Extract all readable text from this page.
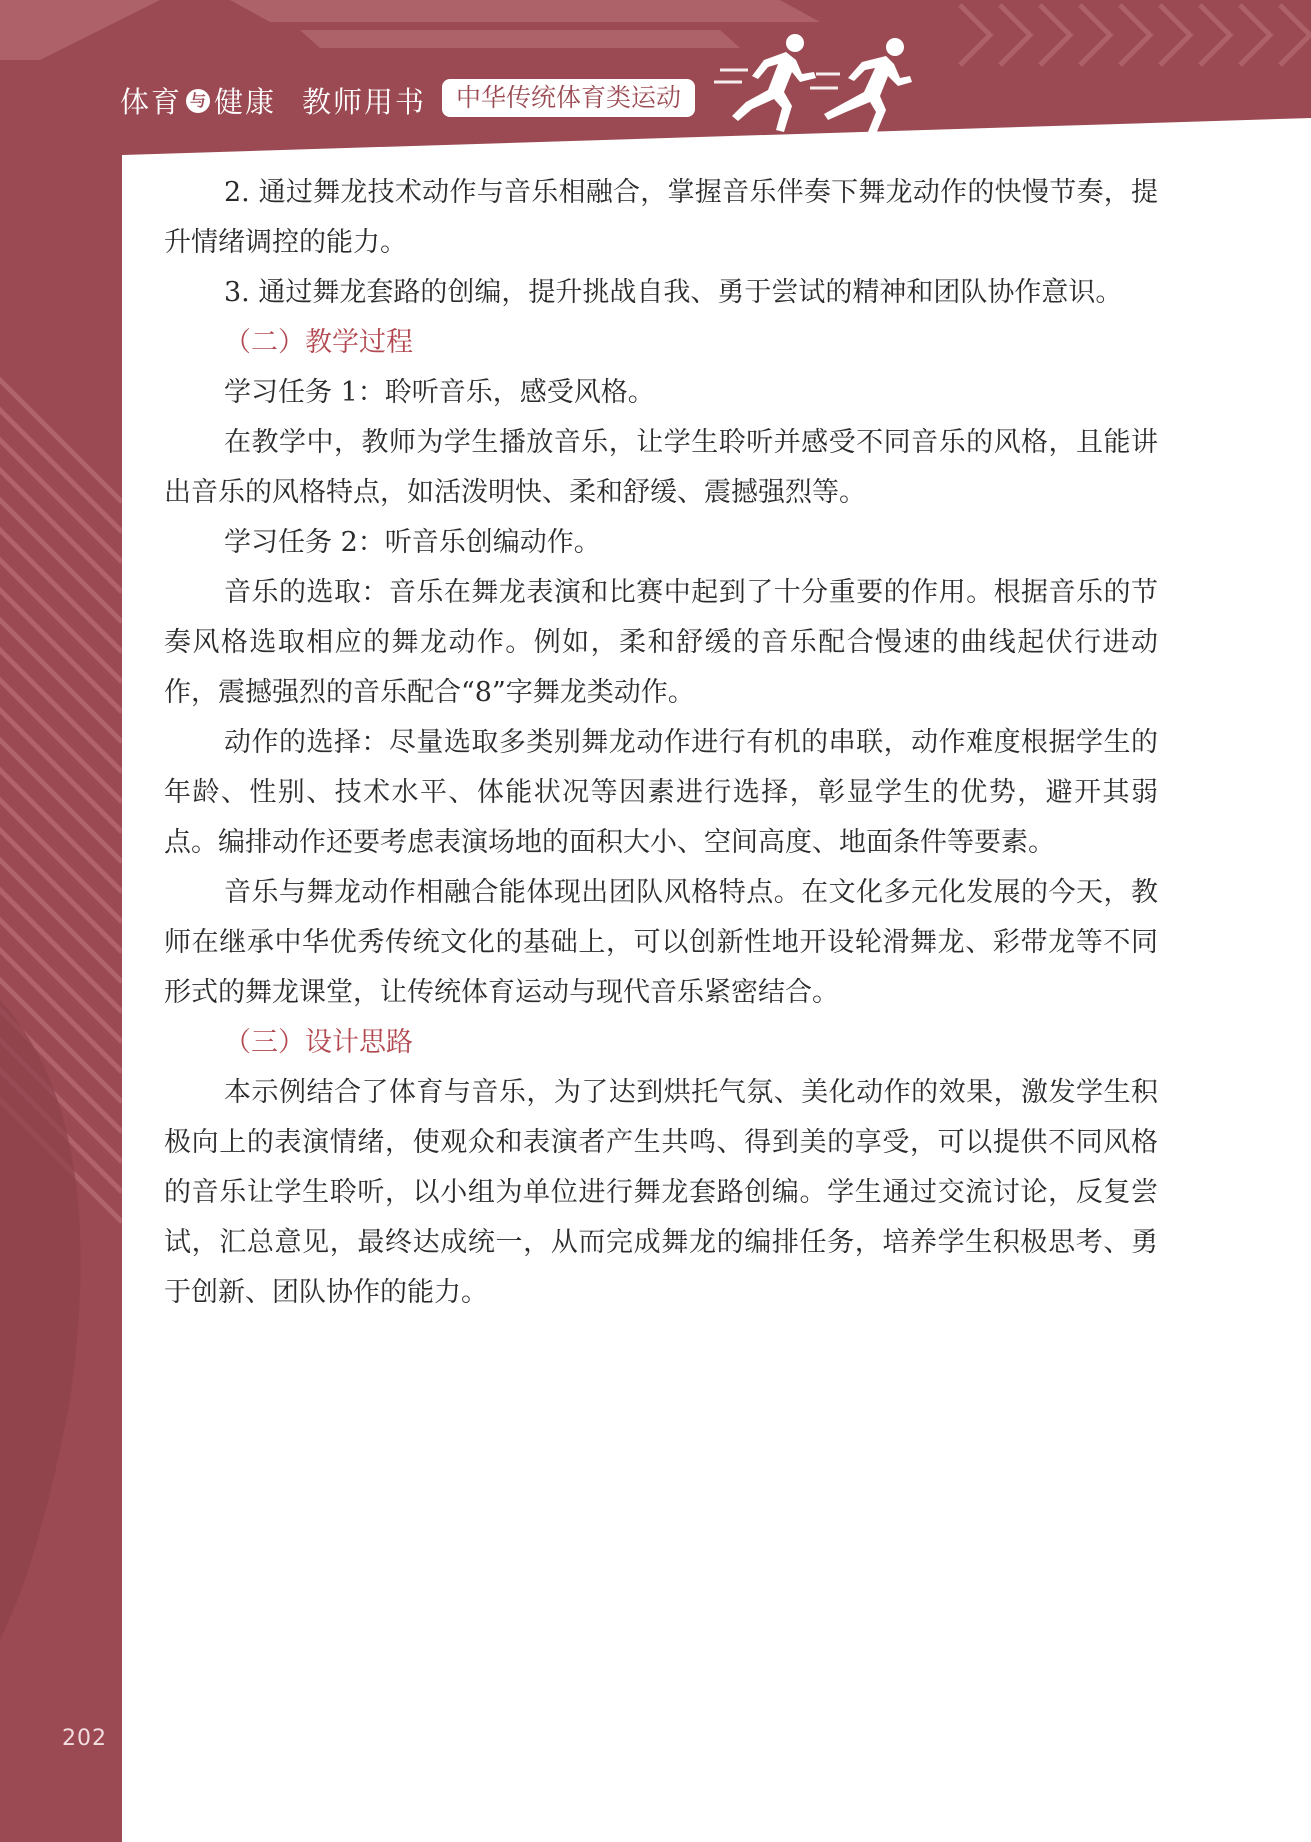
体育 与 健康 教师用书	中华传统体育类运动

2. 通过舞龙技术动作与音乐相融合，掌握音乐伴奏下舞龙动作的快慢节奏，提升情绪调控的能力。

3. 通过舞龙套路的创编，提升挑战自我、勇于尝试的精神和团队协作意识。

（二）教学过程

学习任务 1：聆听音乐，感受风格。

在教学中，教师为学生播放音乐，让学生聆听并感受不同音乐的风格，且能讲出音乐的风格特点，如活泼明快、柔和舒缓、震撼强烈等。

学习任务 2：听音乐创编动作。

音乐的选取：音乐在舞龙表演和比赛中起到了十分重要的作用。根据音乐的节奏风格选取相应的舞龙动作。例如，柔和舒缓的音乐配合慢速的曲线起伏行进动作，震撼强烈的音乐配合“8”字舞龙类动作。

动作的选择：尽量选取多类别舞龙动作进行有机的串联，动作难度根据学生的年龄、性别、技术水平、体能状况等因素进行选择，彰显学生的优势，避开其弱点。编排动作还要考虑表演场地的面积大小、空间高度、地面条件等要素。

音乐与舞龙动作相融合能体现出团队风格特点。在文化多元化发展的今天，教师在继承中华优秀传统文化的基础上，可以创新性地开设轮滑舞龙、彩带龙等不同形式的舞龙课堂，让传统体育运动与现代音乐紧密结合。

（三）设计思路

本示例结合了体育与音乐，为了达到烘托气氛、美化动作的效果，激发学生积极向上的表演情绪，使观众和表演者产生共鸣、得到美的享受，可以提供不同风格的音乐让学生聆听，以小组为单位进行舞龙套路创编。学生通过交流讨论，反复尝试，汇总意见，最终达成统一，从而完成舞龙的编排任务，培养学生积极思考、勇于创新、团队协作的能力。

202
